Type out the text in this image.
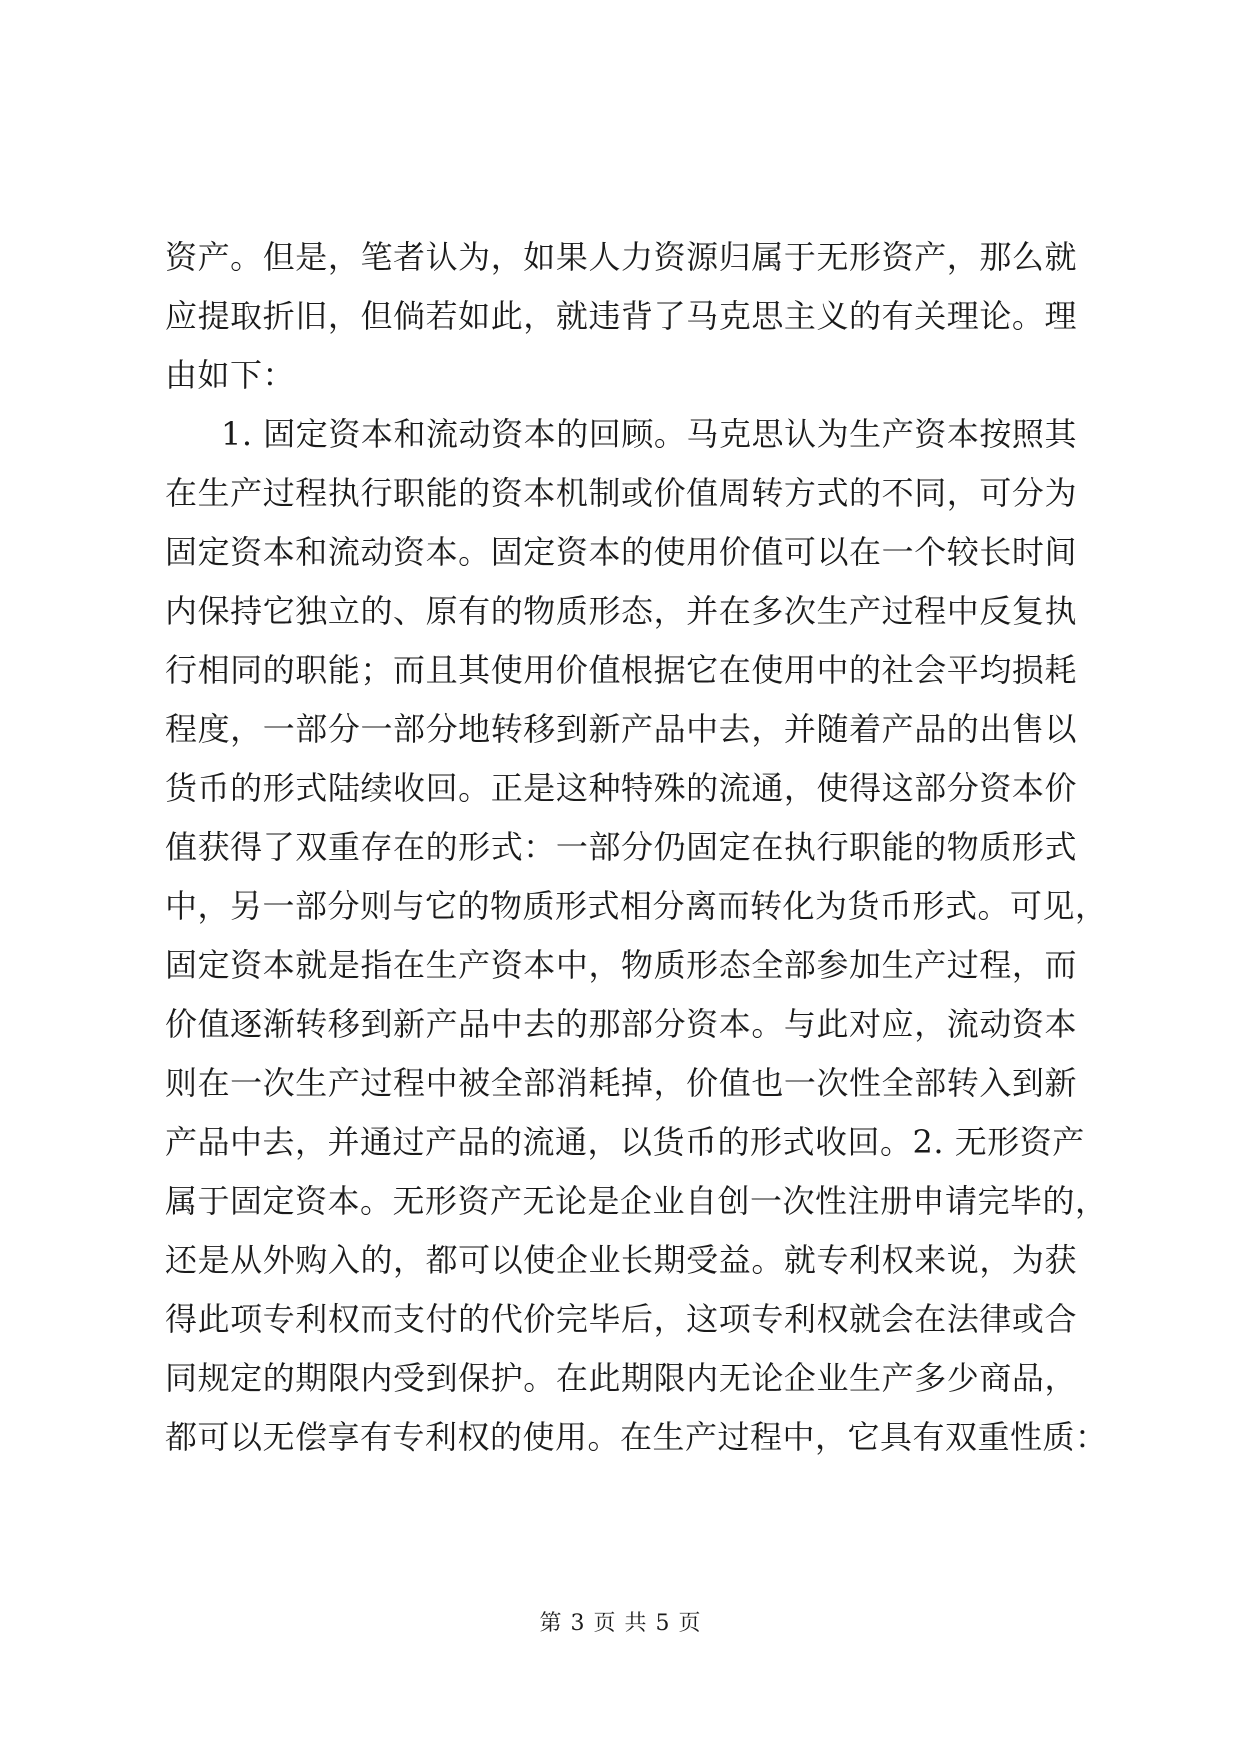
资产。但是，笔者认为，如果人力资源归属于无形资产，那么就
应提取折旧，但倘若如此，就违背了马克思主义的有关理论。理
由如下：
1. 固定资本和流动资本的回顾。马克思认为生产资本按照其
在生产过程执行职能的资本机制或价值周转方式的不同，可分为
固定资本和流动资本。固定资本的使用价值可以在一个较长时间
内保持它独立的、原有的物质形态，并在多次生产过程中反复执
行相同的职能；而且其使用价值根据它在使用中的社会平均损耗
程度，一部分一部分地转移到新产品中去，并随着产品的出售以
货币的形式陆续收回。正是这种特殊的流通，使得这部分资本价
值获得了双重存在的形式：一部分仍固定在执行职能的物质形式
中，另一部分则与它的物质形式相分离而转化为货币形式。可见，
固定资本就是指在生产资本中，物质形态全部参加生产过程，而
价值逐渐转移到新产品中去的那部分资本。与此对应，流动资本
则在一次生产过程中被全部消耗掉，价值也一次性全部转入到新
产品中去，并通过产品的流通，以货币的形式收回。2. 无形资产
属于固定资本。无形资产无论是企业自创一次性注册申请完毕的，
还是从外购入的，都可以使企业长期受益。就专利权来说，为获
得此项专利权而支付的代价完毕后，这项专利权就会在法律或合
同规定的期限内受到保护。在此期限内无论企业生产多少商品，
都可以无偿享有专利权的使用。在生产过程中，它具有双重性质：
第 3 页 共 5 页
